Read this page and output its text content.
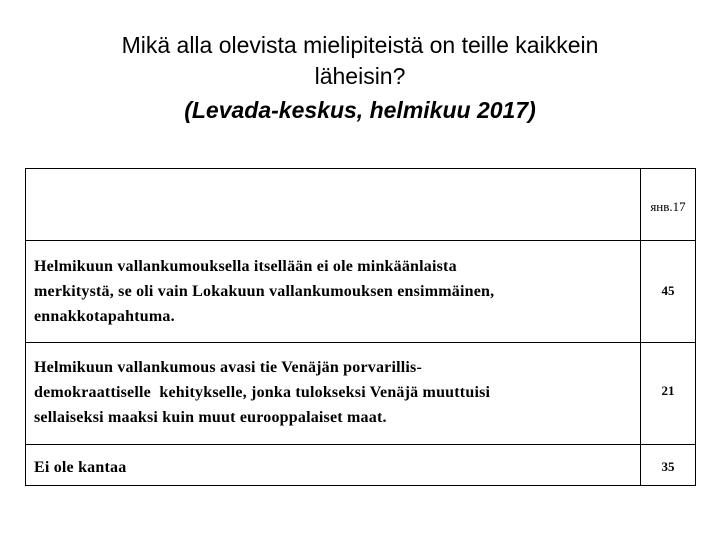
Mikä alla olevista mielipiteistä on teille kaikkein
läheisin?
(Levada-keskus, helmikuu 2017)
янв.17
Helmikuun vallankumouksella itsellään ei ole minkäänlaista
merkitystä, se oli vain Lokakuun vallankumouksen ensimmäinen,
ennakkotapahtuma.
45
Helmikuun vallankumous avasi tie Venäjän porvarillis-
demokraattiselle  kehitykselle, jonka tulokseksi Venäjä muuttuisi
sellaiseksi maaksi kuin muut eurooppalaiset maat.
21
Ei ole kantaa	35
